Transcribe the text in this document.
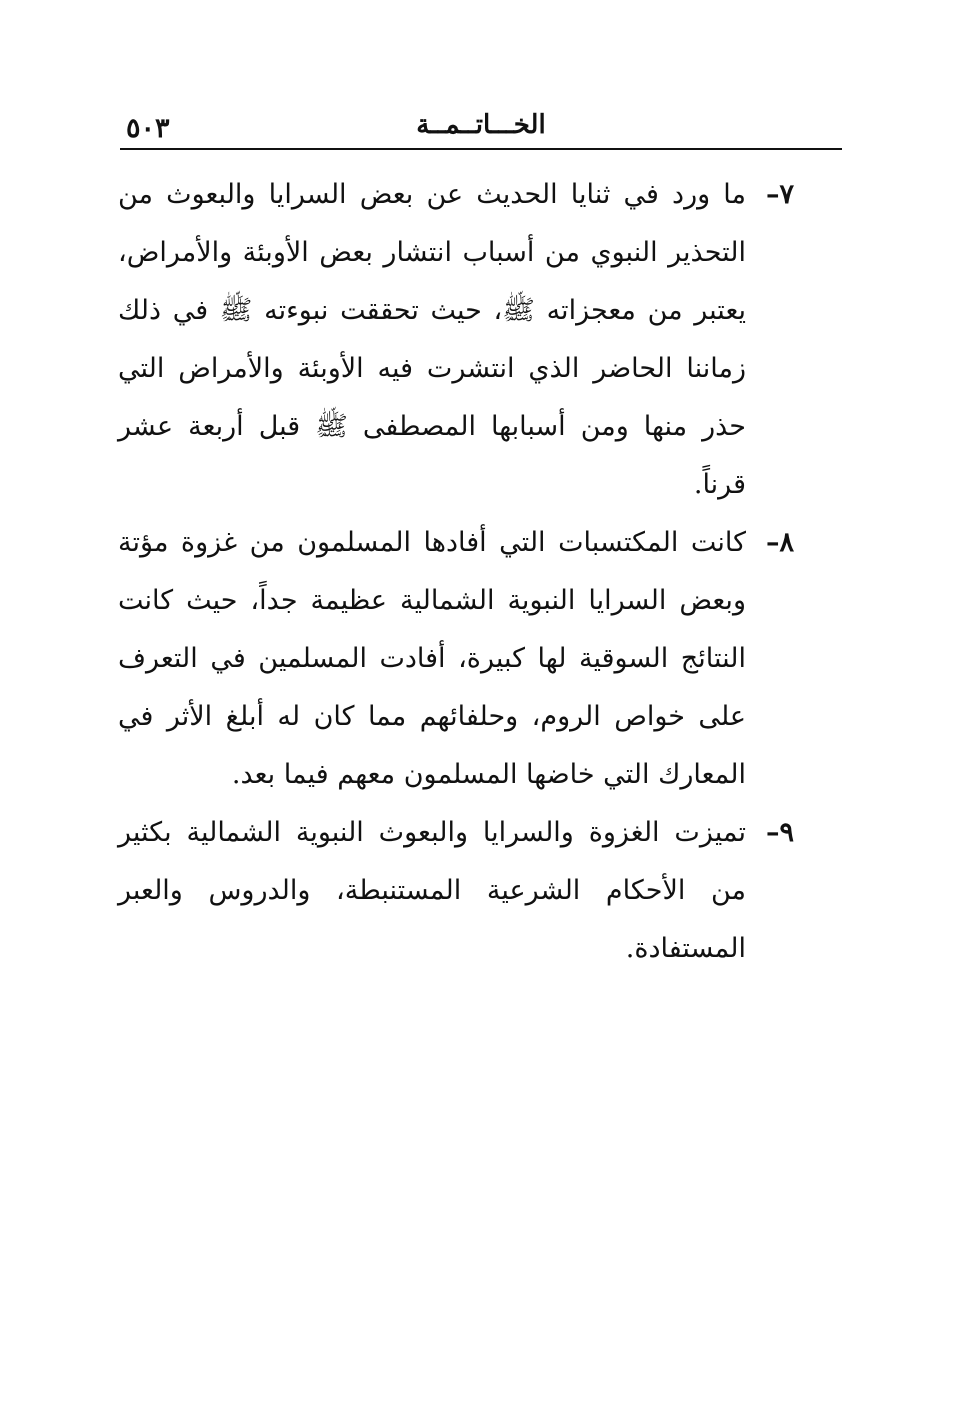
٥٠٣	الخـــاتــمــة

٧–
ما ورد في ثنايا الحديث عن بعض السرايا والبعوث من التحذير النبوي من أسباب انتشار بعض الأوبئة والأمراض، يعتبر من معجزاته ﷺ، حيث تحققت نبوءته ﷺ في ذلك زماننا الحاضر الذي انتشرت فيه الأوبئة والأمراض التي حذر منها ومن أسبابها المصطفى ﷺ قبل أربعة عشر قرناً.

٨–
كانت المكتسبات التي أفادها المسلمون من غزوة مؤتة وبعض السرايا النبوية الشمالية عظيمة جداً، حيث كانت النتائج السوقية لها كبيرة، أفادت المسلمين في التعرف على خواص الروم، وحلفائهم مما كان له أبلغ الأثر في المعارك التي خاضها المسلمون معهم فيما بعد.

٩–
تميزت الغزوة والسرايا والبعوث النبوية الشمالية بكثير من الأحكام الشرعية المستنبطة، والدروس والعبر المستفادة.
